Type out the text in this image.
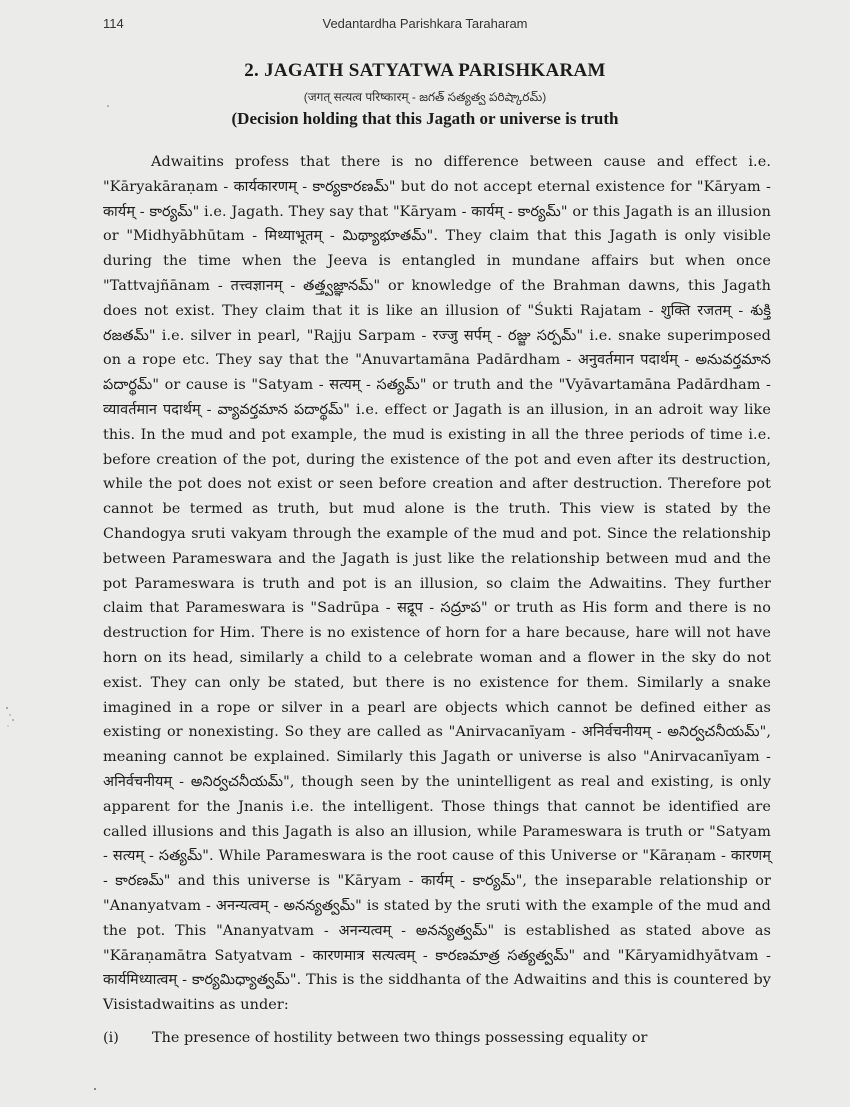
114	Vedantardha Parishkara Taraharam
2. JAGATH SATYATWA PARISHKARAM
(जगत् सत्यत्व परिष्कारम् - జగత్ సత్యత్వ పరిష్కారమ్)
(Decision holding that this Jagath or universe is truth

Adwaitins profess that there is no difference between cause and effect i.e. "Kāryakāraṇam - कार्यकारणम् - కార్యకారణమ్" but do not accept eternal existence for "Kāryam - कार्यम् - కార్యమ్" i.e. Jagath. They say that "Kāryam - कार्यम् - కార్యమ్" or this Jagath is an illusion or "Midhyābhūtam - मिथ्याभूतम् - మిథ్యాభూతమ్". They claim that this Jagath is only visible during the time when the Jeeva is entangled in mundane affairs but when once "Tattvajñānam - तत्त्वज्ञानम् - తత్త్వజ్ఞానమ్" or knowledge of the Brahman dawns, this Jagath does not exist. They claim that it is like an illusion of "Śukti Rajatam - शुक्ति रजतम् - శుక్తి రజతమ్" i.e. silver in pearl, "Rajju Sarpam - रज्जु सर्पम् - రజ్జు సర్పమ్" i.e. snake superimposed on a rope etc. They say that the "Anuvartamāna Padārdham - अनुवर्तमान पदार्थम् - అనువర్తమాన పదార్థమ్" or cause is "Satyam - सत्यम् - సత్యమ్" or truth and the "Vyāvartamāna Padārdham - व्यावर्तमान पदार्थम् - వ్యావర్తమాన పదార్థమ్" i.e. effect or Jagath is an illusion, in an adroit way like this. In the mud and pot example, the mud is existing in all the three periods of time i.e. before creation of the pot, during the existence of the pot and even after its destruction, while the pot does not exist or seen before creation and after destruction. Therefore pot cannot be termed as truth, but mud alone is the truth. This view is stated by the Chandogya sruti vakyam through the example of the mud and pot. Since the relationship between Parameswara and the Jagath is just like the relationship between mud and the pot Parameswara is truth and pot is an illusion, so claim the Adwaitins. They further claim that Parameswara is "Sadrūpa - सद्रूप - సద్రూప" or truth as His form and there is no destruction for Him. There is no existence of horn for a hare because, hare will not have horn on its head, similarly a child to a celebrate woman and a flower in the sky do not exist. They can only be stated, but there is no existence for them. Similarly a snake imagined in a rope or silver in a pearl are objects which cannot be defined either as existing or nonexisting. So they are called as "Anirvacanīyam - अनिर्वचनीयम् - అనిర్వచనీయమ్", meaning cannot be explained. Similarly this Jagath or universe is also "Anirvacanīyam - अनिर्वचनीयम् - అనిర్వచనీయమ్", though seen by the unintelligent as real and existing, is only apparent for the Jnanis i.e. the intelligent. Those things that cannot be identified are called illusions and this Jagath is also an illusion, while Parameswara is truth or "Satyam - सत्यम् - సత్యమ్". While Parameswara is the root cause of this Universe or "Kāraṇam - कारणम् - కారణమ్" and this universe is "Kāryam - कार्यम् - కార్యమ్", the inseparable relationship or "Ananyatvam - अनन्यत्वम् - అనన్యత్వమ్" is stated by the sruti with the example of the mud and the pot. This "Ananyatvam - अनन्यत्वम् - అనన్యత్వమ్" is established as stated above as "Kāraṇamātra Satyatvam - कारणमात्र सत्यत्वम् - కారణమాత్ర సత్యత్వమ్" and "Kāryamidhyātvam - कार्यमिध्यात्वम् - కార్యమిధ్యాత్వమ్". This is the siddhanta of the Adwaitins and this is countered by Visistadwaitins as under:

(i) The presence of hostility between two things possessing equality or
